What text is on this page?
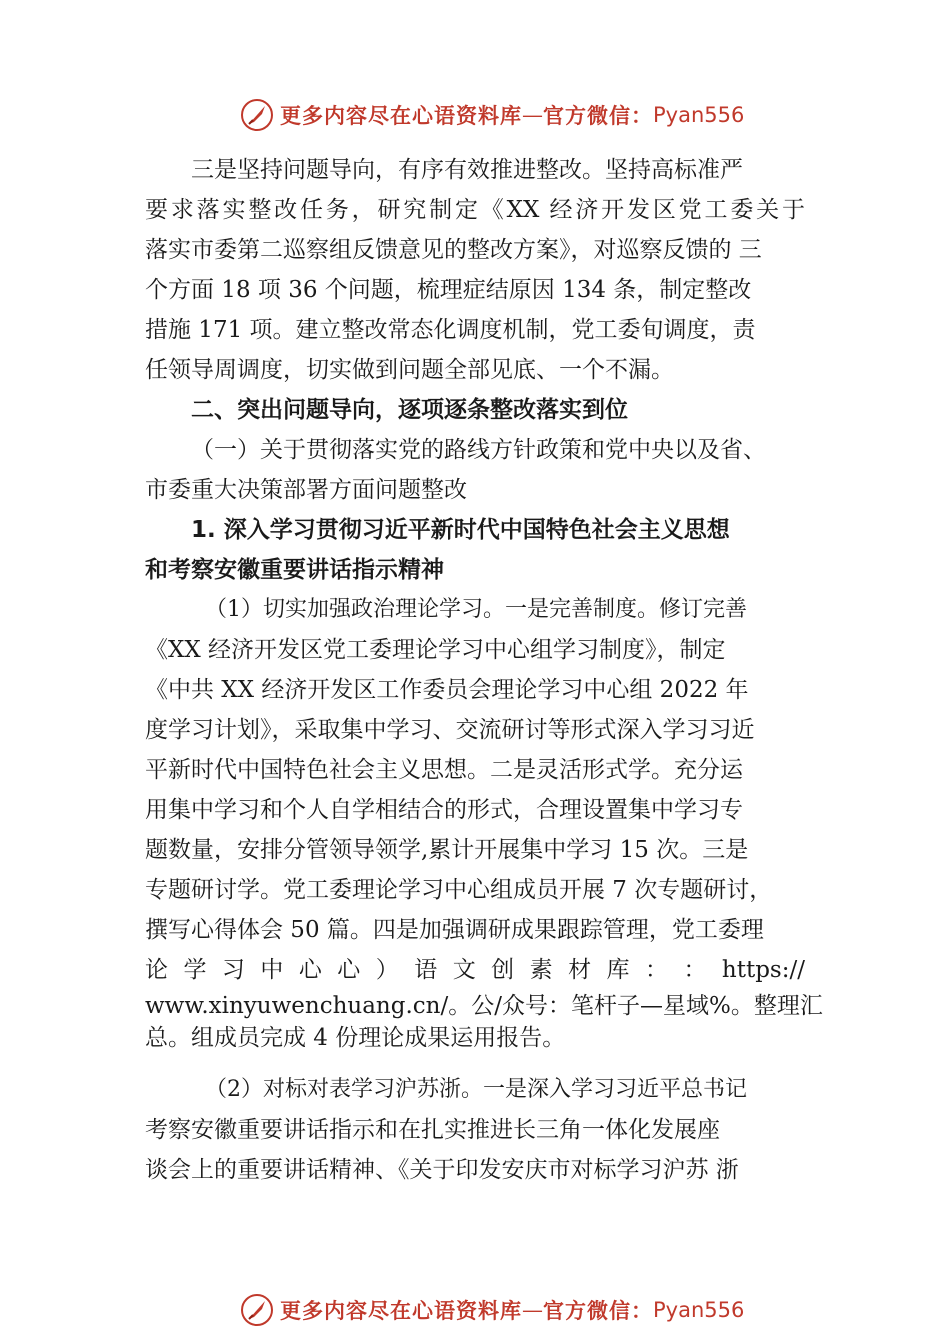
更多内容尽在心语资料库 — 官方微信： Pyan556
三是坚持问题导向，有序有效推进整改。坚持高标准严
要求落实整改任务，研究制定《XX 经济开发区党工委关于
落实市委第二巡察组反馈意见的整改方案》，对巡察反馈的 三
个方面 18 项 36 个问题，梳理症结原因 134 条，制定整改
措施 171 项。建立整改常态化调度机制，党工委旬调度，责
任领导周调度，切实做到问题全部见底、一个不漏。
二、突出问题导向，逐项逐条整改落实到位
（一）关于贯彻落实党的路线方针政策和党中央以及省、
市委重大决策部署方面问题整改
1. 深入学习贯彻习近平新时代中国特色社会主义思想
和考察安徽重要讲话指示精神
（1）切实加强政治理论学习。一是完善制度。修订完善
《XX 经济开发区党工委理论学习中心组学习制度》，制定
《中共 XX 经济开发区工作委员会理论学习中心组 2022 年
度学习计划》，采取集中学习、交流研讨等形式深入学习习近
平新时代中国特色社会主义思想。二是灵活形式学。充分运
用集中学习和个人自学相结合的形式，合理设置集中学习专
题数量，安排分管领导领学,累计开展集中学习 15 次。三是
专题研讨学。党工委理论学习中心组成员开展 7 次专题研讨，
撰写心得体会 50 篇。四是加强调研成果跟踪管理，党工委理
论 学 习 中 心 心 ） 语 文 创 素 材 库 ： ： https://
www.xinyuwenchuang.cn/。公/众号：笔杆子—星域%。整理汇
总。组成员完成 4 份理论成果运用报告。
（2）对标对表学习沪苏浙。一是深入学习习近平总书记
考察安徽重要讲话指示和在扎实推进长三角一体化发展座
谈会上的重要讲话精神、《关于印发安庆市对标学习沪苏 浙
更多内容尽在心语资料库 — 官方微信： Pyan556
